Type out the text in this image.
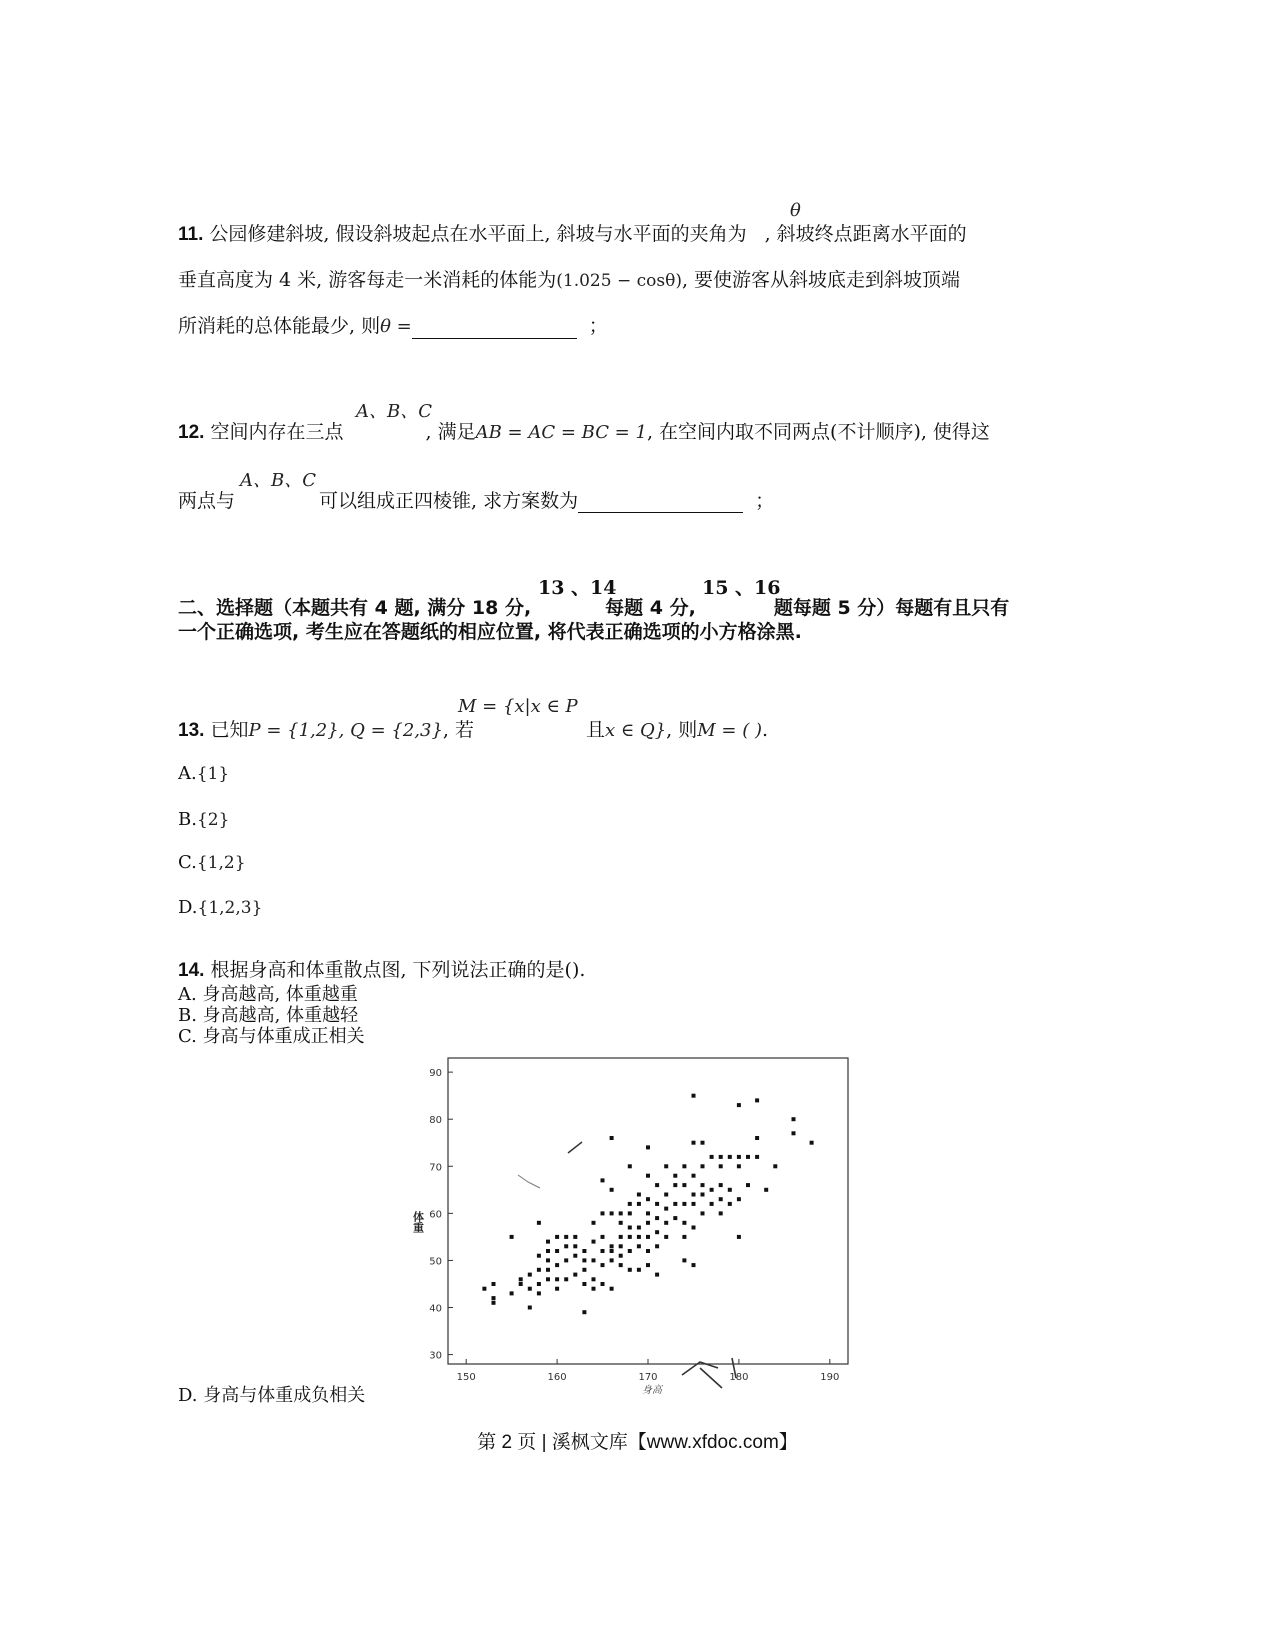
θ
11. 公园修建斜坡, 假设斜坡起点在水平面上, 斜坡与水平面的夹角为 , 斜坡终点距离水平面的
垂直高度为 4 米, 游客每走一米消耗的体能为(1.025 − cosθ), 要使游客从斜坡底走到斜坡顶端
所消耗的总体能最少, 则θ =	；
A、B、C
12. 空间内存在三点	, 满足AB = AC = BC = 1, 在空间内取不同两点(不计顺序), 使得这
A、B、C
两点与	可以组成正四棱锥, 求方案数为	；
13 、14	15 、16
二、选择题（本题共有 4 题, 满分 18 分,	每题 4 分,	题每题 5 分）每题有且只有
一个正确选项, 考生应在答题纸的相应位置, 将代表正确选项的小方格涂黑.
M = {x|x ∈ P
13. 已知P = {1,2}, Q = {2,3}, 若	且x ∈ Q}, 则M = ( ).
A.{1}
B.{2}
C.{1,2}
D.{1,2,3}
14. 根据身高和体重散点图, 下列说法正确的是().
A. 身高越高, 体重越重
B. 身高越高, 体重越轻
C. 身高与体重成正相关
D. 身高与体重成负相关
30
40
50
60
70
80
90
150	160	170	180	190
体重
身高
第 2 页 | 溪枫文库【www.xfdoc.com】
